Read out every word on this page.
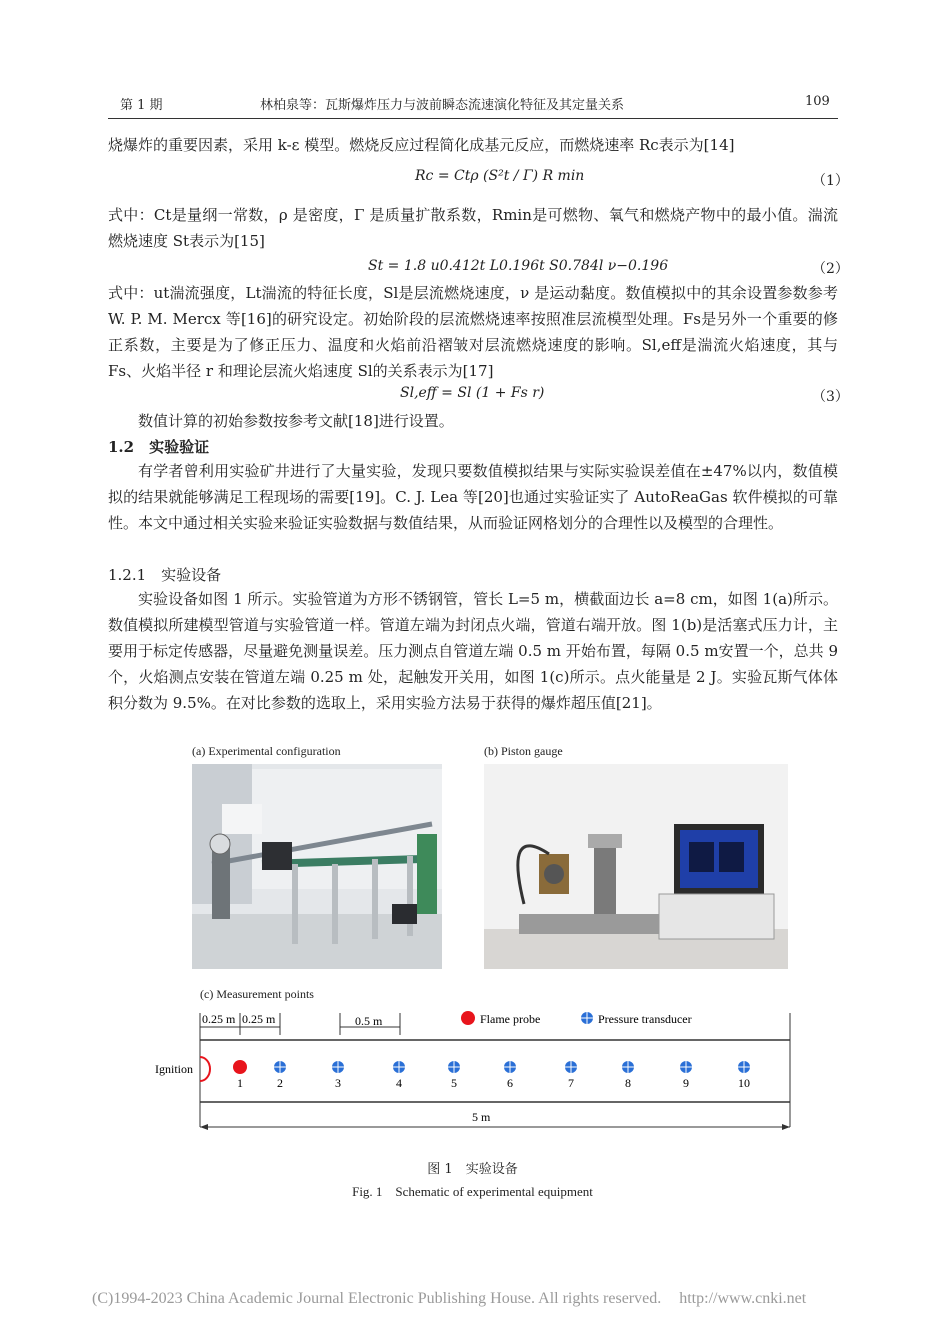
第 1 期	林柏泉等：瓦斯爆炸压力与波前瞬态流速演化特征及其定量关系	109
烧爆炸的重要因素，采用 k-ε 模型。燃烧反应过程简化成基元反应，而燃烧速率 Rc表示为[14]
Rc = Ctρ (S²t / Γ) R min	（1）
式中：Ct是量纲一常数，ρ 是密度，Γ 是质量扩散系数，Rmin是可燃物、氧气和燃烧产物中的最小值。湍流燃烧速度 St表示为[15]
St = 1.8 u0.412t L0.196t S0.784l ν−0.196	（2）
式中：ut湍流强度，Lt湍流的特征长度，Sl是层流燃烧速度，ν 是运动黏度。数值模拟中的其余设置参数参考 W. P. M. Mercx 等[16]的研究设定。初始阶段的层流燃烧速率按照准层流模型处理。Fs是另外一个重要的修正系数，主要是为了修正压力、温度和火焰前沿褶皱对层流燃烧速度的影响。Sl,eff是湍流火焰速度，其与 Fs、火焰半径 r 和理论层流火焰速度 Sl的关系表示为[17]
Sl,eff = Sl (1 + Fs r)	（3）
数值计算的初始参数按参考文献[18]进行设置。
1.2　实验验证
有学者曾利用实验矿井进行了大量实验，发现只要数值模拟结果与实际实验误差值在±47%以内，数值模拟的结果就能够满足工程现场的需要[19]。C. J. Lea 等[20]也通过实验证实了 AutoReaGas 软件模拟的可靠性。本文中通过相关实验来验证实验数据与数值结果，从而验证网格划分的合理性以及模型的合理性。
1.2.1　实验设备
实验设备如图 1 所示。实验管道为方形不锈钢管，管长 L=5 m，横截面边长 a=8 cm，如图 1(a)所示。数值模拟所建模型管道与实验管道一样。管道左端为封闭点火端，管道右端开放。图 1(b)是活塞式压力计，主要用于标定传感器，尽量避免测量误差。压力测点自管道左端 0.5 m 开始布置，每隔 0.5 m安置一个，总共 9 个，火焰测点安装在管道左端 0.25 m 处，起触发开关用，如图 1(c)所示。点火能量是 2 J。实验瓦斯气体体积分数为 9.5%。在对比参数的选取上，采用实验方法易于获得的爆炸超压值[21]。
(a) Experimental configuration	(b) Piston gauge
(c) Measurement points
0.25 m 0.25 m	0.5 m	Flame probe	Pressure transducer
Ignition
1	2	3	4	5	6	7	8	9	10
5 m
图 1　实验设备
Fig. 1　Schematic of experimental equipment
(C)1994-2023 China Academic Journal Electronic Publishing House. All rights reserved. http://www.cnki.net
